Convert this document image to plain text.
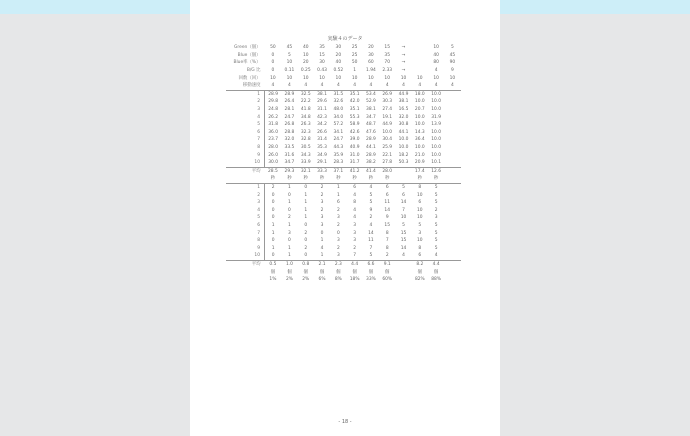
実験４のデータ
Green（個）	50	45	40	35	30	25	20	15	→		10	5
Blue（個）	0	5	10	15	20	25	30	35	→		40	45
Blue率（%）	0	10	20	30	40	50	60	70	→		80	90
B/G 比	0	0.11	0.25	0.43	0.52	1	1.94	2.33	→		4	9
回数（回）	10	10	10	10	10	10	10	10	10	10	10	10
移動速度	4	4	4	4	4	4	4	4	4	4	4	4
1	28.9	28.9	32.5	38.1	31.5	35.1	53.4	26.9	44.9	18.0	10.0	
2	29.8	26.4	22.2	29.6	32.6	42.0	52.9	30.3	38.1	10.0	10.0	
3	24.8	28.1	41.8	31.1	48.0	35.1	38.1	27.4	16.5	20.7	10.0	
4	26.2	24.7	34.8	42.3	34.0	55.3	34.7	19.1	32.0	10.0	31.9	
5	31.8	26.8	26.3	34.2	57.2	58.9	48.7	44.9	30.8	10.0	13.9	
6	36.0	28.8	32.3	26.6	34.1	42.6	47.6	10.0	44.1	14.3	10.0	
7	23.7	32.0	32.8	31.4	24.7	39.0	28.9	30.4	10.0	36.4	10.0	
8	28.0	33.5	30.5	35.3	44.3	40.9	44.1	25.9	10.0	10.0	10.0	
9	26.0	31.6	34.3	34.9	35.9	31.0	28.9	22.1	18.2	21.0	10.0	
10	30.0	34.7	33.9	29.1	28.3	31.7	38.2	27.8	50.3	20.9	10.1	
平均	28.5	29.3	32.1	33.3	37.1	41.2	41.4	28.0		17.4	12.6	
	秒	秒	秒	秒	秒	秒	秒	秒		秒	秒	
1	2	1	0	2	1	6	4	6	5	8	5	
2	0	0	1	2	1	4	5	6	6	10	5	
3	0	1	1	3	6	8	5	11	14	6	5	
4	0	0	1	2	2	4	9	14	7	10	2	
5	0	2	1	3	3	4	2	9	10	10	3	
6	1	1	0	3	2	3	4	15	5	5	5	
7	1	3	2	0	0	3	14	8	15	3	5	
8	0	0	0	1	3	3	11	7	15	10	5	
9	1	1	2	4	2	2	7	8	14	8	5	
10	0	1	0	1	3	7	5	2	4	6	4	
平均	0.5	1.0	0.8	2.1	2.3	4.4	6.6	9.1		8.2	4.4	
	個	個	個	個	個	個	個	個		個	個	
	1%	2%	2%	6%	8%	18%	33%	60%		82%	88%	
- 18 -
